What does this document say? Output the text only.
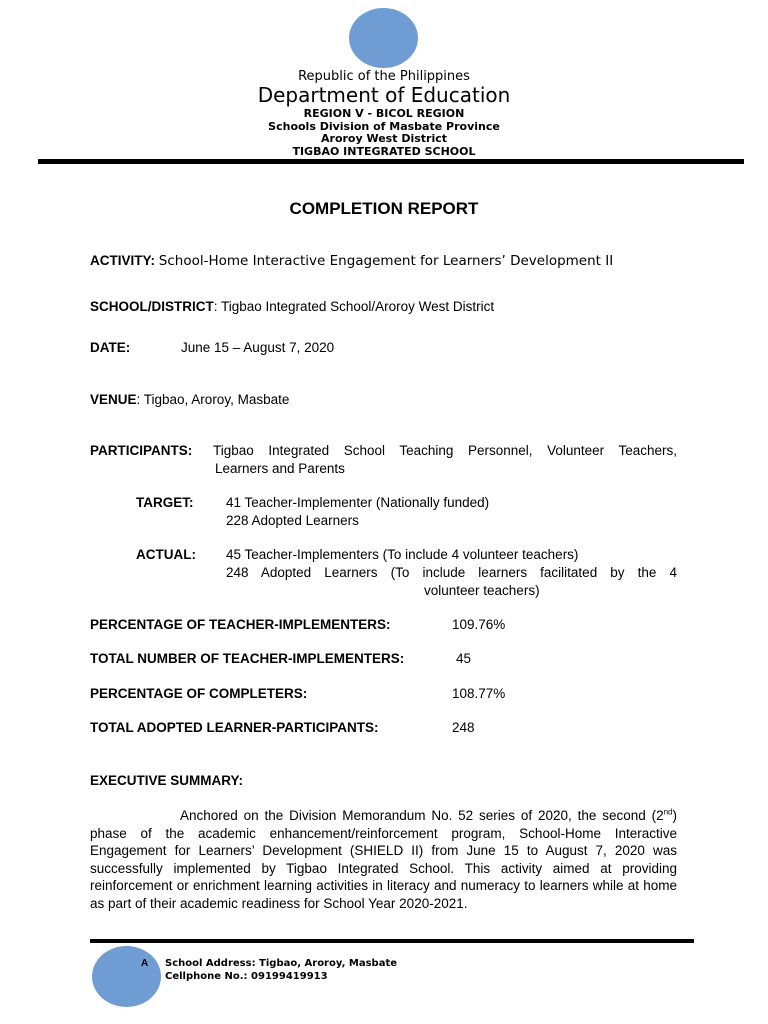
Republic of the Philippines
Department of Education
REGION V - BICOL REGION
Schools Division of Masbate Province
Aroroy West District
TIGBAO INTEGRATED SCHOOL
COMPLETION REPORT
ACTIVITY: School-Home Interactive Engagement for Learners’ Development II
SCHOOL/DISTRICT: Tigbao Integrated School/Aroroy West District
DATE:	June 15 – August 7, 2020
VENUE: Tigbao, Aroroy, Masbate
PARTICIPANTS: Tigbao Integrated School Teaching Personnel, Volunteer Teachers,
Learners and Parents
TARGET: 41 Teacher-Implementer (Nationally funded)
228 Adopted Learners
ACTUAL: 45 Teacher-Implementers (To include 4 volunteer teachers)
248 Adopted Learners (To include learners facilitated by the 4
volunteer teachers)
PERCENTAGE OF TEACHER-IMPLEMENTERS:	109.76%
TOTAL NUMBER OF TEACHER-IMPLEMENTERS:	45
PERCENTAGE OF COMPLETERS:	108.77%
TOTAL ADOPTED LEARNER-PARTICIPANTS:	248
EXECUTIVE SUMMARY:
Anchored on the Division Memorandum No. 52 series of 2020, the second (2nd) phase of the academic enhancement/reinforcement program, School-Home Interactive Engagement for Learners’ Development (SHIELD II) from June 15 to August 7, 2020 was successfully implemented by Tigbao Integrated School. This activity aimed at providing reinforcement or enrichment learning activities in literacy and numeracy to learners while at home as part of their academic readiness for School Year 2020-2021.
A School Address: Tigbao, Aroroy, Masbate
Cellphone No.: 09199419913
